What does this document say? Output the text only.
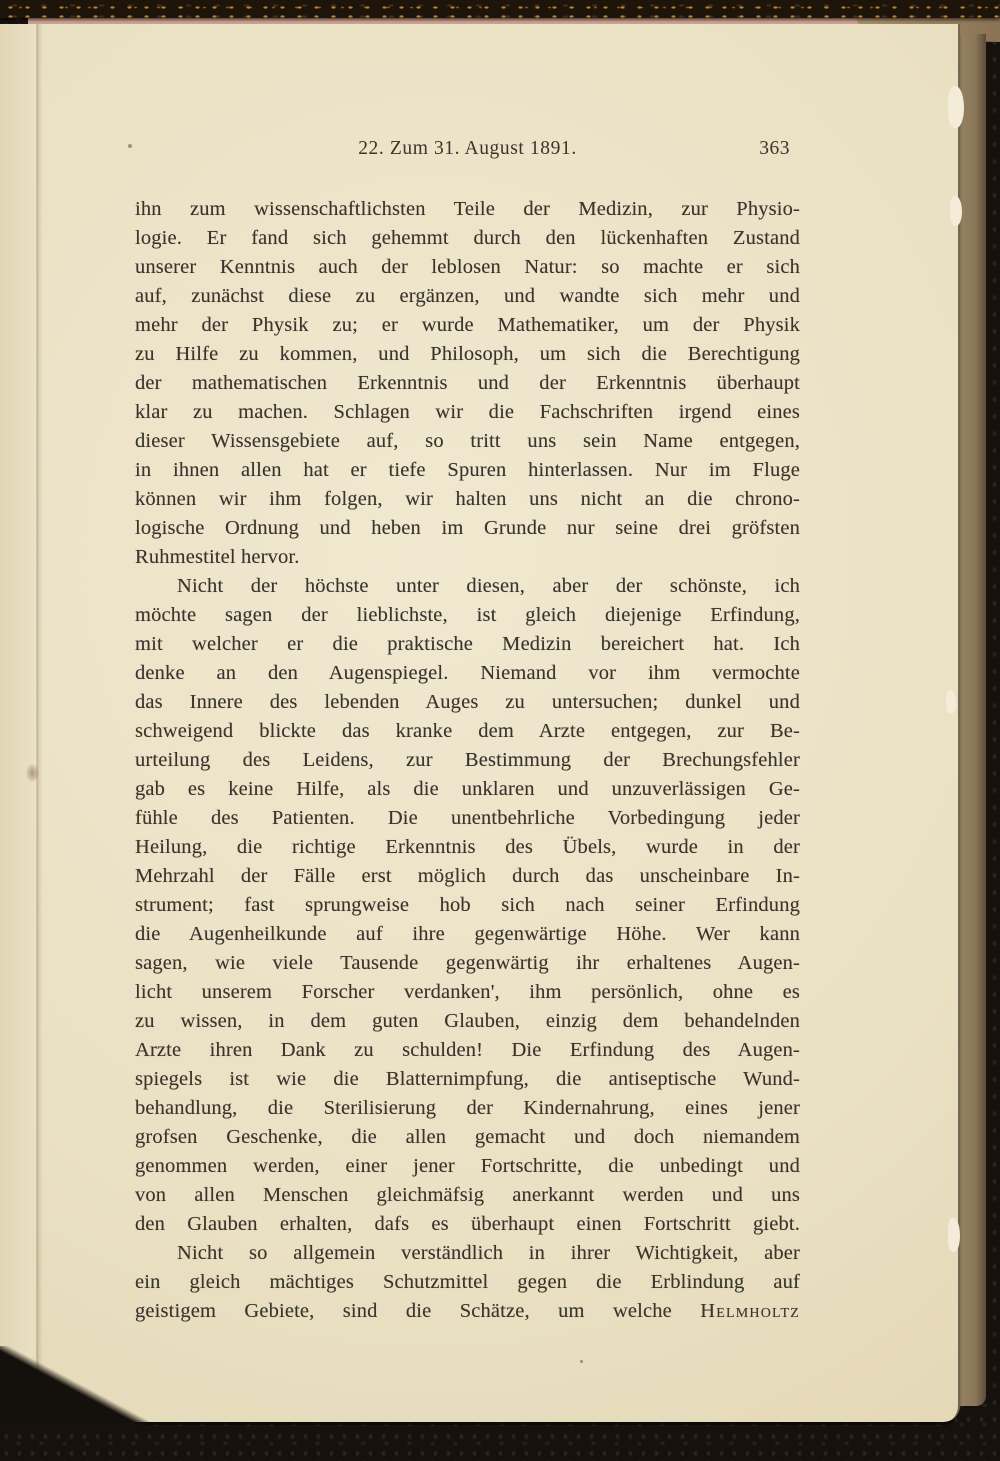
22. Zum 31. August 1891.	363
ihn zum wissenschaftlichsten Teile der Medizin, zur Physio-
logie. Er fand sich gehemmt durch den lückenhaften Zustand
unserer Kenntnis auch der leblosen Natur: so machte er sich
auf, zunächst diese zu ergänzen, und wandte sich mehr und
mehr der Physik zu; er wurde Mathematiker, um der Physik
zu Hilfe zu kommen, und Philosoph, um sich die Berechtigung
der mathematischen Erkenntnis und der Erkenntnis überhaupt
klar zu machen. Schlagen wir die Fachschriften irgend eines
dieser Wissensgebiete auf, so tritt uns sein Name entgegen,
in ihnen allen hat er tiefe Spuren hinterlassen. Nur im Fluge
können wir ihm folgen, wir halten uns nicht an die chrono-
logische Ordnung und heben im Grunde nur seine drei gröfsten
Ruhmestitel hervor.
Nicht der höchste unter diesen, aber der schönste, ich
möchte sagen der lieblichste, ist gleich diejenige Erfindung,
mit welcher er die praktische Medizin bereichert hat. Ich
denke an den Augenspiegel. Niemand vor ihm vermochte
das Innere des lebenden Auges zu untersuchen; dunkel und
schweigend blickte das kranke dem Arzte entgegen, zur Be-
urteilung des Leidens, zur Bestimmung der Brechungsfehler
gab es keine Hilfe, als die unklaren und unzuverlässigen Ge-
fühle des Patienten. Die unentbehrliche Vorbedingung jeder
Heilung, die richtige Erkenntnis des Übels, wurde in der
Mehrzahl der Fälle erst möglich durch das unscheinbare In-
strument; fast sprungweise hob sich nach seiner Erfindung
die Augenheilkunde auf ihre gegenwärtige Höhe. Wer kann
sagen, wie viele Tausende gegenwärtig ihr erhaltenes Augen-
licht unserem Forscher verdanken', ihm persönlich, ohne es
zu wissen, in dem guten Glauben, einzig dem behandelnden
Arzte ihren Dank zu schulden! Die Erfindung des Augen-
spiegels ist wie die Blatternimpfung, die antiseptische Wund-
behandlung, die Sterilisierung der Kindernahrung, eines jener
grofsen Geschenke, die allen gemacht und doch niemandem
genommen werden, einer jener Fortschritte, die unbedingt und
von allen Menschen gleichmäfsig anerkannt werden und uns
den Glauben erhalten, dafs es überhaupt einen Fortschritt giebt.
Nicht so allgemein verständlich in ihrer Wichtigkeit, aber
ein gleich mächtiges Schutzmittel gegen die Erblindung auf
geistigem Gebiete, sind die Schätze, um welche Helmholtz
